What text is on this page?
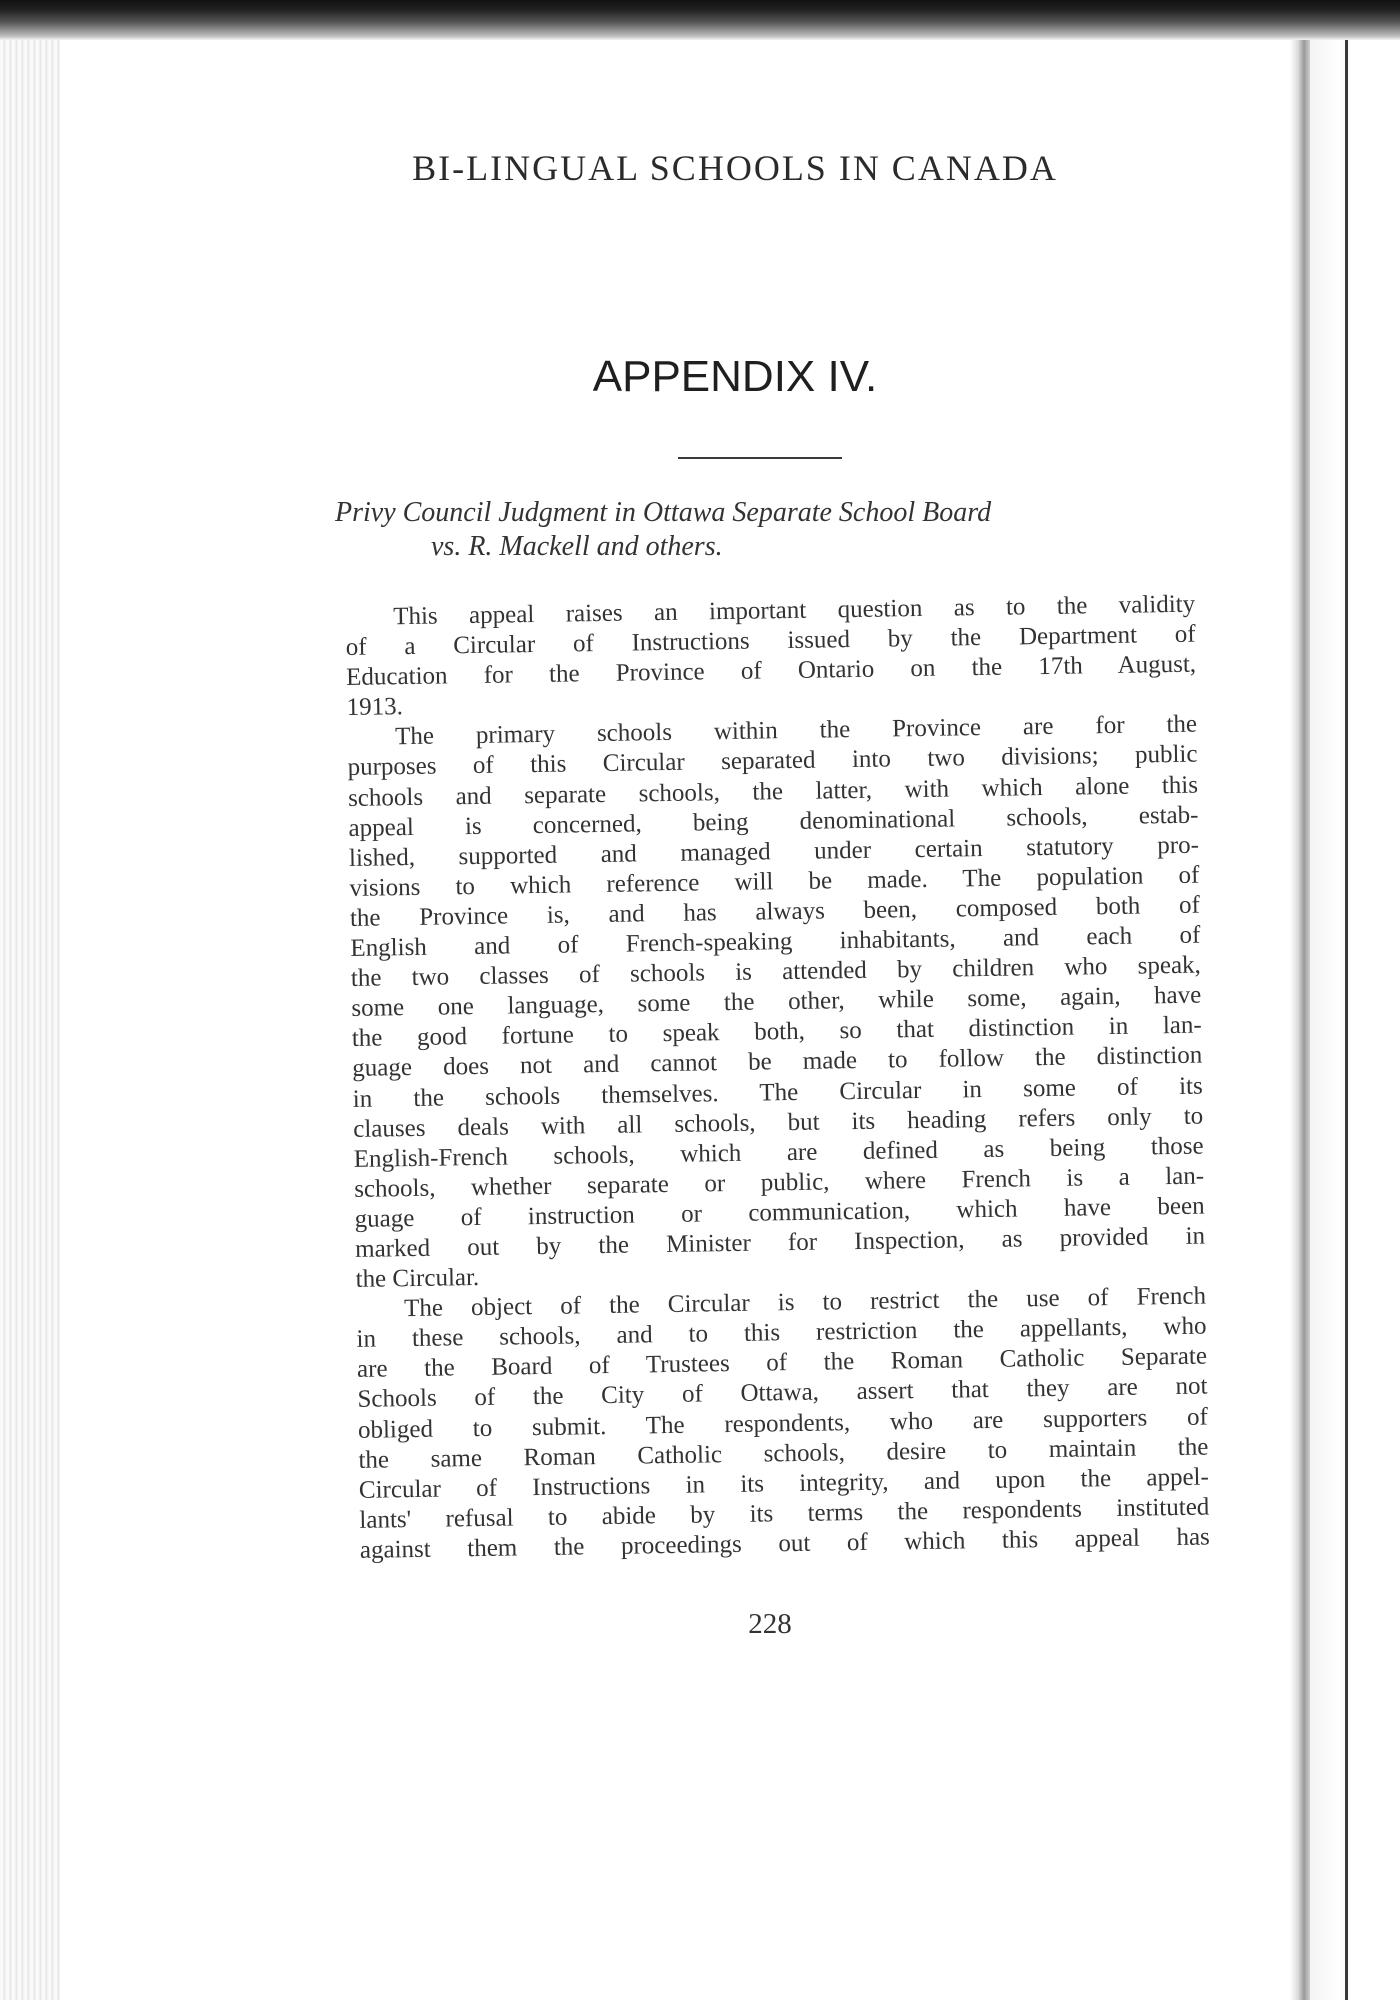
BI-LINGUAL SCHOOLS IN CANADA
APPENDIX IV.
Privy Council Judgment in Ottawa Separate School Board
vs. R. Mackell and others.
This appeal raises an important question as to the validity
of a Circular of Instructions issued by the Department of
Education for the Province of Ontario on the 17th August,
1913.
The primary schools within the Province are for the
purposes of this Circular separated into two divisions; public
schools and separate schools, the latter, with which alone this
appeal is concerned, being denominational schools, estab-
lished, supported and managed under certain statutory pro-
visions to which reference will be made. The population of
the Province is, and has always been, composed both of
English and of French-speaking inhabitants, and each of
the two classes of schools is attended by children who speak,
some one language, some the other, while some, again, have
the good fortune to speak both, so that distinction in lan-
guage does not and cannot be made to follow the distinction
in the schools themselves. The Circular in some of its
clauses deals with all schools, but its heading refers only to
English-French schools, which are defined as being those
schools, whether separate or public, where French is a lan-
guage of instruction or communication, which have been
marked out by the Minister for Inspection, as provided in
the Circular.
The object of the Circular is to restrict the use of French
in these schools, and to this restriction the appellants, who
are the Board of Trustees of the Roman Catholic Separate
Schools of the City of Ottawa, assert that they are not
obliged to submit. The respondents, who are supporters of
the same Roman Catholic schools, desire to maintain the
Circular of Instructions in its integrity, and upon the appel-
lants' refusal to abide by its terms the respondents instituted
against them the proceedings out of which this appeal has
228
